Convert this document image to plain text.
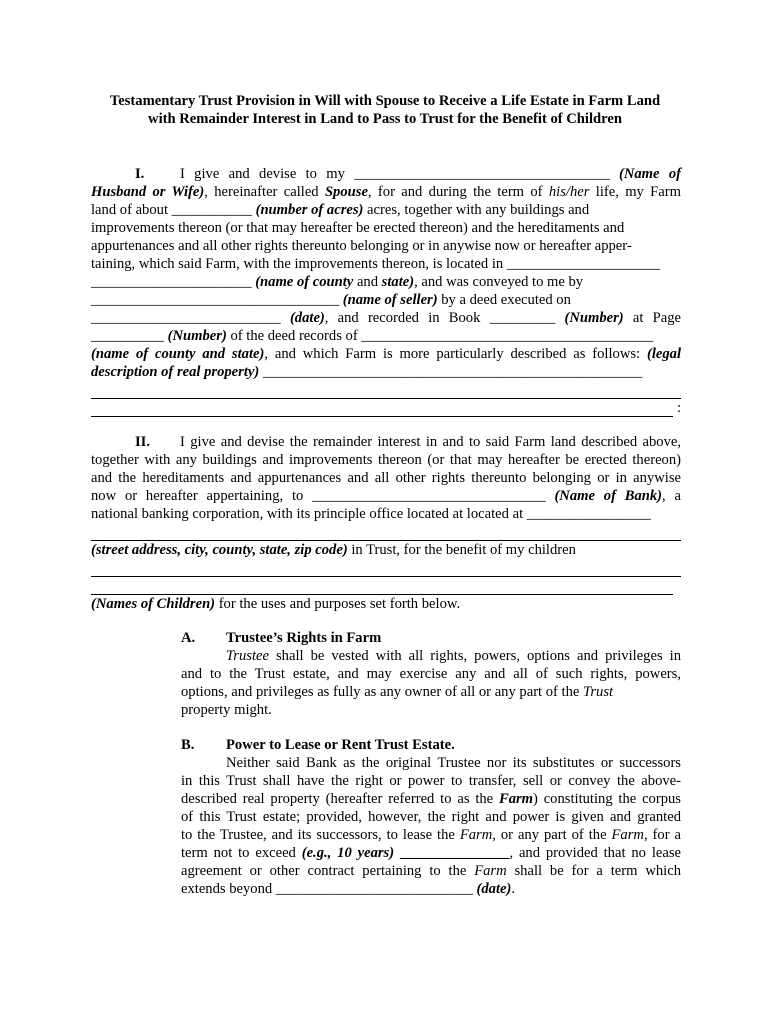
Testamentary Trust Provision in Will with Spouse to Receive a Life Estate in Farm Land
with Remainder Interest in Land to Pass to Trust for the Benefit of Children
I. I give and devise to my ___________________________________ (Name of
Husband or Wife), hereinafter called Spouse, for and during the term of his/her life, my Farm
land of about ___________ (number of acres) acres, together with any buildings and
improvements thereon (or that may hereafter be erected thereon) and the hereditaments and
appurtenances and all other rights thereunto belonging or in anywise now or hereafter apper-
taining, which said Farm, with the improvements thereon, is located in _____________________
______________________ (name of county and state), and was conveyed to me by
__________________________________ (name of seller) by a deed executed on
__________________________ (date), and recorded in Book _________ (Number) at Page
__________ (Number) of the deed records of ________________________________________
(name of county and state), and which Farm is more particularly described as follows: (legal
description of real property) ____________________________________________________
:
II. I give and devise the remainder interest in and to said Farm land described above,
together with any buildings and improvements thereon (or that may hereafter be erected thereon)
and the hereditaments and appurtenances and all other rights thereunto belonging or in anywise
now or hereafter appertaining, to ________________________________ (Name of Bank), a
national banking corporation, with its principle office located at located at _________________
(street address, city, county, state, zip code) in Trust, for the benefit of my children
(Names of Children) for the uses and purposes set forth below.
A. Trustee’s Rights in Farm
Trustee shall be vested with all rights, powers, options and privileges in
and to the Trust estate, and may exercise any and all of such rights, powers,
options, and privileges as fully as any owner of all or any part of the Trust
property might.
B. Power to Lease or Rent Trust Estate.
Neither said Bank as the original Trustee nor its substitutes or successors
in this Trust shall have the right or power to transfer, sell or convey the above-
described real property (hereafter referred to as the Farm) constituting the corpus
of this Trust estate; provided, however, the right and power is given and granted
to the Trustee, and its successors, to lease the Farm, or any part of the Farm, for a
term not to exceed (e.g., 10 years) _______________, and provided that no lease
agreement or other contract pertaining to the Farm shall be for a term which
extends beyond ___________________________ (date).
